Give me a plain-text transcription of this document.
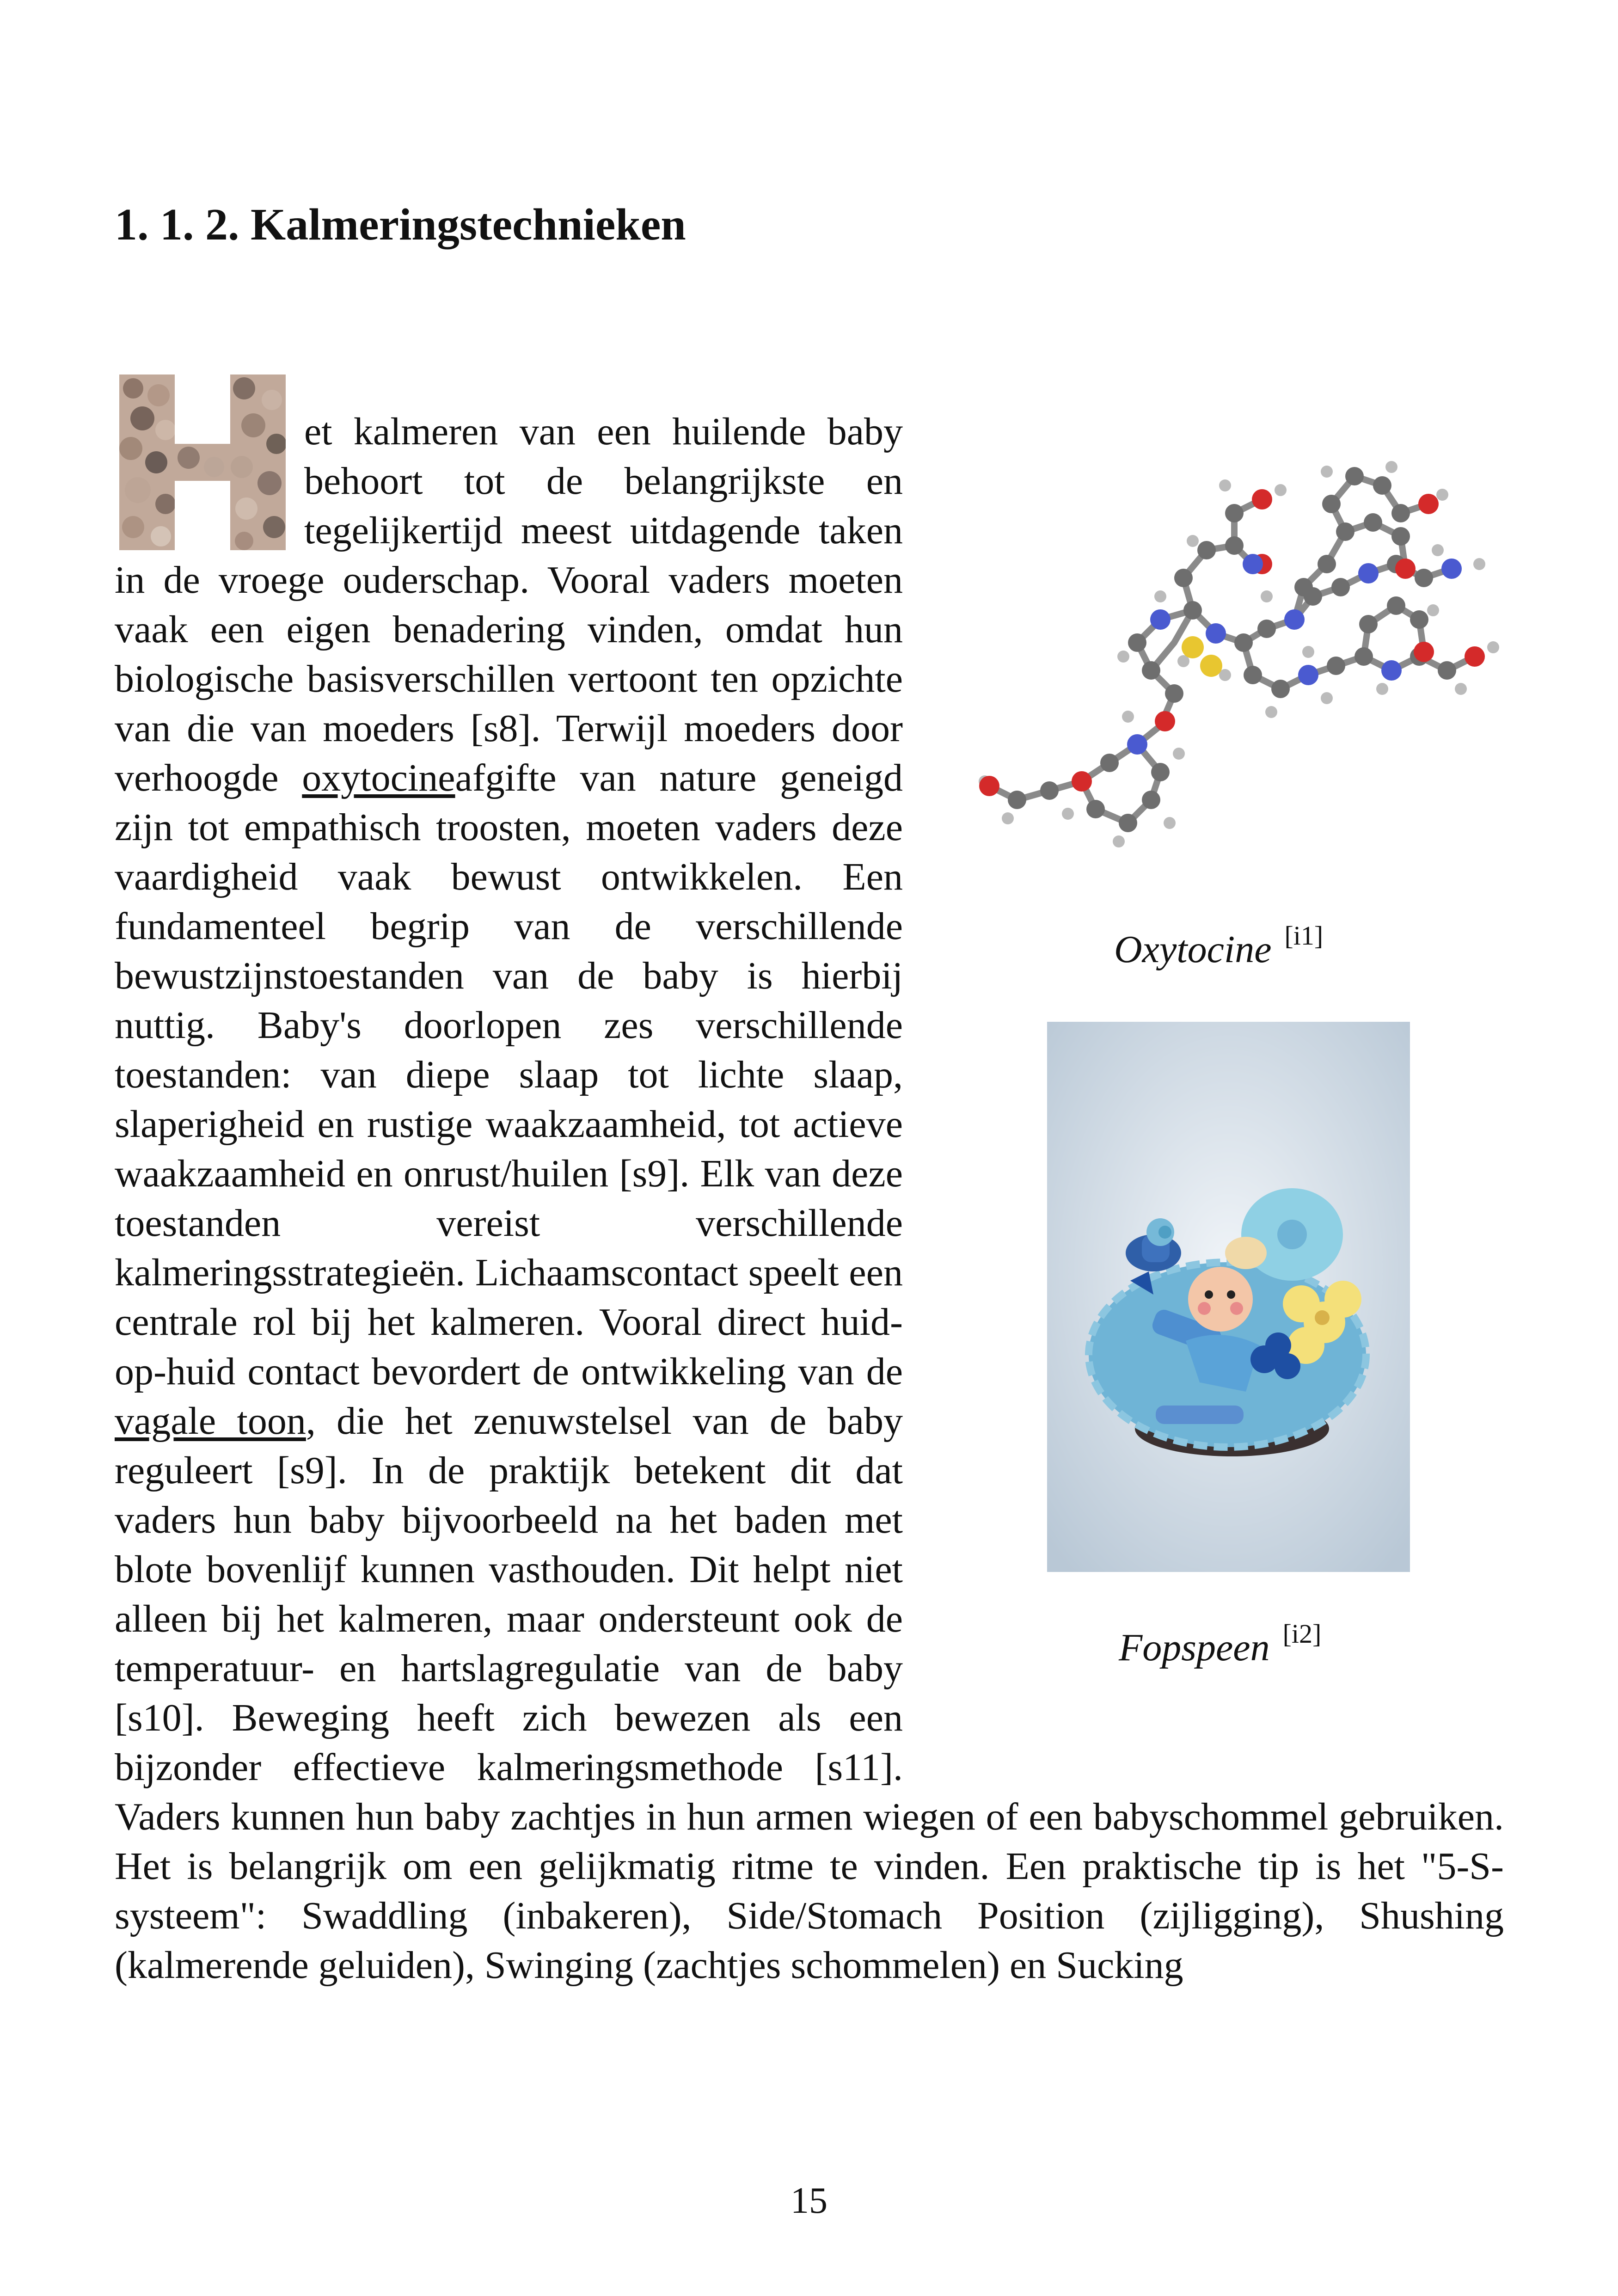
1. 1. 2. Kalmeringstechnieken

et kalmeren van een huilende baby behoort tot de belangrijkste en tegelijkertijd meest uitdagende taken in de vroege ouderschap. Vooral vaders moeten vaak een eigen benadering vinden, omdat hun biologische basisverschillen vertoont ten opzichte van die van moeders [s8]. Terwijl moeders door verhoogde oxytocineafgifte van nature geneigd zijn tot empathisch troosten, moeten vaders deze vaardigheid vaak bewust ontwikkelen. Een fundamenteel begrip van de verschillende bewustzijnstoestanden van de baby is hierbij nuttig. Baby's doorlopen zes verschillende toestanden: van diepe slaap tot lichte slaap, slaperigheid en rustige waakzaamheid, tot actieve waakzaamheid en onrust/huilen [s9]. Elk van deze toestanden vereist verschillende kalmeringsstrategieën. Lichaamscontact speelt een centrale rol bij het kalmeren. Vooral direct huid-op-huid contact bevordert de ontwikkeling van de vagale toon, die het zenuwstelsel van de baby reguleert [s9]. In de praktijk betekent dit dat vaders hun baby bijvoorbeeld na het baden met blote bovenlijf kunnen vasthouden. Dit helpt niet alleen bij het kalmeren, maar ondersteunt ook de temperatuur- en hartslagregulatie van de baby [s10]. Beweging heeft zich bewezen als een bijzonder effectieve kalmeringsmethode [s11]. Vaders kunnen hun baby zachtjes in hun armen wiegen of een babyschommel gebruiken. Het is belangrijk om een gelijkmatig ritme te vinden. Een praktische tip is het "5-S-systeem": Swaddling (inbakeren), Side/Stomach Position (zijligging), Shushing (kalmerende geluiden), Swinging (zachtjes schommelen) en Sucking

Oxytocine [i1]
Fopspeen [i2]
15
